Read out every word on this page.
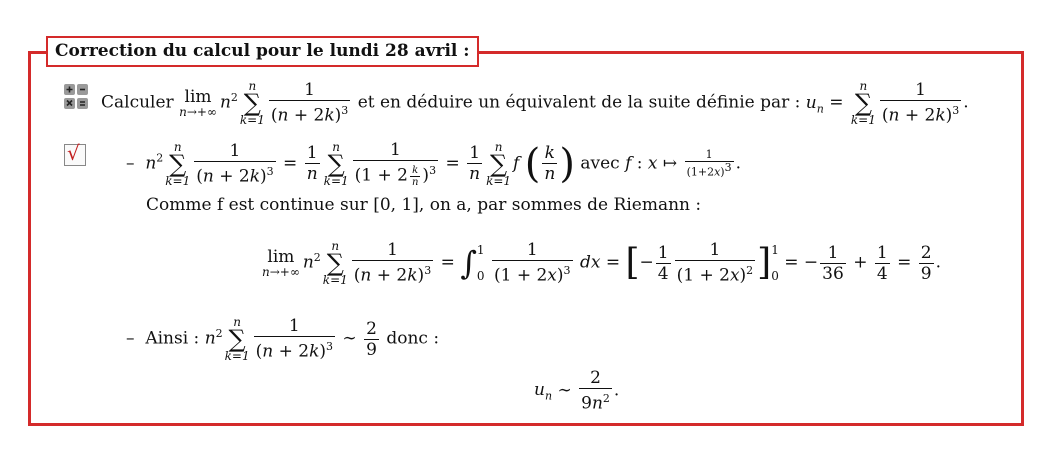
Correction du calcul pour le lundi 28 avril :
√
Calculer lim
n→+∞ $n^2$
n
∑
$k=1 \frac{1}{(n + 2k)^3}$ et en déduire un équivalent de la suite définie par : $u_n$ =
n
∑
$k=1 \frac{1}{(n + 2k)^3}$ .
– $n^2$
n
∑
$k=1 \frac{1}{(n + 2k)^3} = \frac{1}{n}$	n
∑
$k=1 \frac{1}{(1 + 2 \frac{k}{n} )^3} = \frac{1}{n}$	n
∑
k=1
f ( $\frac{k}{n}$ ) avec f : x ↦ $\frac{1}{(1+2x)^3}$ .
Comme f est continue sur [0, 1], on a, par sommes de Riemann :
lim
n→+∞ $n^2$
n
∑
$k=1 \frac{1}{(n + 2k)^3}$ = ∫ 1
0
$\frac{1}{(1 + 2x)^3}$ dx = [− $\frac{1}{4} \frac{1}{(1 + 2x)^2}$ ] 1
0
= − $\frac{1}{36} + \frac{1}{4} = \frac{2}{9}$ .
– Ainsi : $n^2$
n
∑
$k=1 \frac{1}{(n + 2k)^3}$ ∼ $\frac{2}{9}$ donc :
$u_n$ ∼ $\frac{2}{9n^2}$ .
